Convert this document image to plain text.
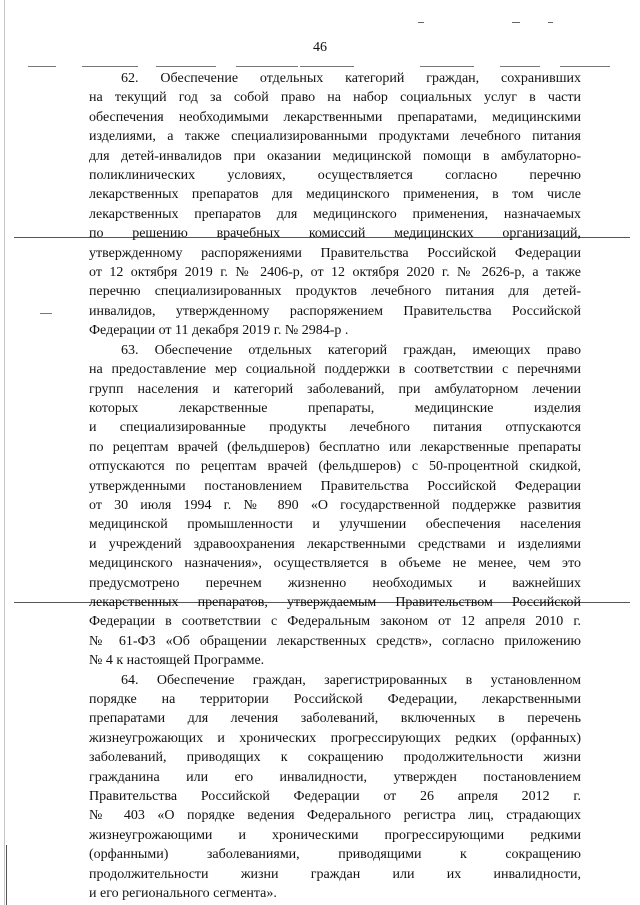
46

62. Обеспечение отдельных категорий граждан, сохранивших
на текущий год за собой право на набор социальных услуг в части
обеспечения необходимыми лекарственными препаратами, медицинскими
изделиями, а также специализированными продуктами лечебного питания
для детей-инвалидов при оказании медицинской помощи в амбулаторно-
поликлинических условиях, осуществляется согласно перечню
лекарственных препаратов для медицинского применения, в том числе
лекарственных препаратов для медицинского применения, назначаемых
по решению врачебных комиссий медицинских организаций,
утвержденному распоряжениями Правительства Российской Федерации
от 12 октября 2019 г. № 2406-р, от 12 октября 2020 г. № 2626-р, а также
перечню специализированных продуктов лечебного питания для детей-
инвалидов, утвержденному распоряжением Правительства Российской
Федерации от 11 декабря 2019 г. № 2984-р .

63. Обеспечение отдельных категорий граждан, имеющих право
на предоставление мер социальной поддержки в соответствии с перечнями
групп населения и категорий заболеваний, при амбулаторном лечении
которых лекарственные препараты, медицинские изделия
и специализированные продукты лечебного питания отпускаются
по рецептам врачей (фельдшеров) бесплатно или лекарственные препараты
отпускаются по рецептам врачей (фельдшеров) с 50-процентной скидкой,
утвержденными постановлением Правительства Российской Федерации
от 30 июля 1994 г. № 890 «О государственной поддержке развития
медицинской промышленности и улучшении обеспечения населения
и учреждений здравоохранения лекарственными средствами и изделиями
медицинского назначения», осуществляется в объеме не менее, чем это
предусмотрено перечнем жизненно необходимых и важнейших
лекарственных препаратов, утверждаемым Правительством Российской
Федерации в соответствии с Федеральным законом от 12 апреля 2010 г.
№ 61-ФЗ «Об обращении лекарственных средств», согласно приложению
№ 4 к настоящей Программе.

64. Обеспечение граждан, зарегистрированных в установленном
порядке на территории Российской Федерации, лекарственными
препаратами для лечения заболеваний, включенных в перечень
жизнеугрожающих и хронических прогрессирующих редких (орфанных)
заболеваний, приводящих к сокращению продолжительности жизни
гражданина или его инвалидности, утвержден постановлением
Правительства Российской Федерации от 26 апреля 2012 г.
№ 403 «О порядке ведения Федерального регистра лиц, страдающих
жизнеугрожающими и хроническими прогрессирующими редкими
(орфанными) заболеваниями, приводящими к сокращению
продолжительности жизни граждан или их инвалидности,
и его регионального сегмента».
